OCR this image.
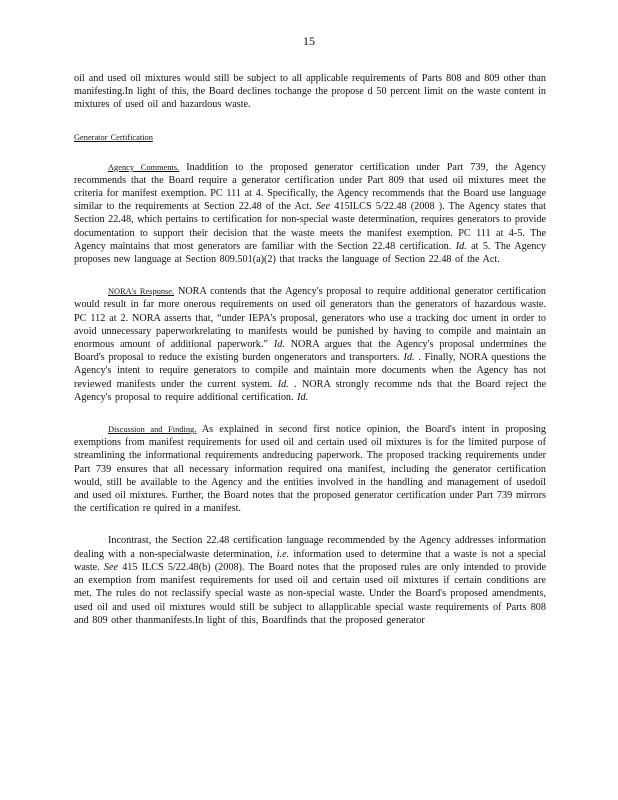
15

oil and used oil mixtures would still be subject to all applicable requirements of Parts 808 and 809 other than manifesting.In light of this, the Board declines tochange the propose d 50 percent limit on the waste content in mixtures of used oil and hazardous waste.

Generator Certification

Agency Comments. Inaddition to the proposed generator certification under Part 739, the Agency recommends that the Board require a generator certification under Part 809 that used oil mixtures meet the criteria for manifest exemption. PC 111 at 4. Specifically, the Agency recommends that the Board use language similar to the requirements at Section 22.48 of the Act. See 415ILCS 5/22.48 (2008 ). The Agency states that Section 22.48, which pertains to certification for non-special waste determination, requires generators to provide documentation to support their decision that the waste meets the manifest exemption. PC 111 at 4-5. The Agency maintains that most generators are familiar with the Section 22.48 certification. Id. at 5. The Agency proposes new language at Section 809.501(a)(2) that tracks the language of Section 22.48 of the Act.

NORA's Response. NORA contends that the Agency's proposal to require additional generator certification would result in far more onerous requirements on used oil generators than the generators of hazardous waste. PC 112 at 2. NORA asserts that, “under IEPA's proposal, generators who use a tracking doc ument in order to avoid unnecessary paperworkrelating to manifests would be punished by having to compile and maintain an enormous amount of additional paperwork.” Id. NORA argues that the Agency's proposal undermines the Board's proposal to reduce the existing burden ongenerators and transporters. Id. . Finally, NORA questions the Agency's intent to require generators to compile and maintain more documents when the Agency has not reviewed manifests under the current system. Id. . NORA strongly recomme nds that the Board reject the Agency's proposal to require additional certification. Id.

Discussion and Finding. As explained in second first notice opinion, the Board's intent in proposing exemptions from manifest requirements for used oil and certain used oil mixtures is for the limited purpose of streamlining the informational requirements andreducing paperwork. The proposed tracking requirements under Part 739 ensures that all necessary information required ona manifest, including the generator certification would, still be available to the Agency and the entities involved in the handling and management of usedoil and used oil mixtures. Further, the Board notes that the proposed generator certification under Part 739 mirrors the certification re quired in a manifest.

Incontrast, the Section 22.48 certification language recommended by the Agency addresses information dealing with a non-specialwaste determination, i.e. information used to determine that a waste is not a special waste. See 415 ILCS 5/22.48(b) (2008). The Board notes that the proposed rules are only intended to provide an exemption from manifest requirements for used oil and certain used oil mixtures if certain conditions are met. The rules do not reclassify special waste as non-special waste. Under the Board's proposed amendments, used oil and used oil mixtures would still be subject to allapplicable special waste requirements of Parts 808 and 809 other thanmanifests.In light of this, Boardfinds that the proposed generator
